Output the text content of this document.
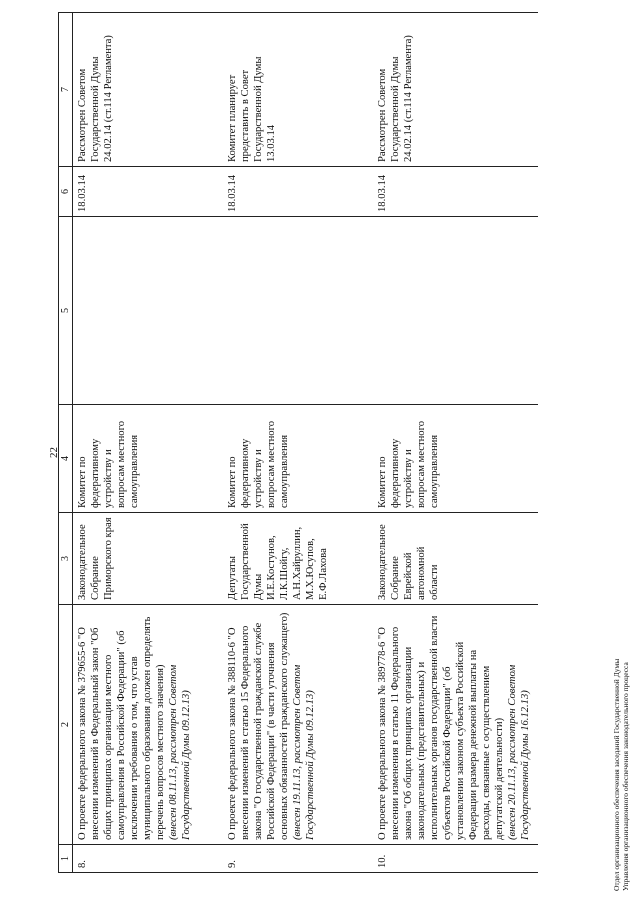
22
1	2	3	4	5	6	7
8.	О проекте федерального закона № 379655-6 "О внесении изменений в Федеральный закон "Об общих принципах организации местного самоуправления в Российской Федерации" (об исключении требования о том, что устав муниципального образования должен определять перечень вопросов местного значения) (внесен 08.11.13, рассмотрен Советом Государственной Думы 09.12.13)	Законодательное Собрание Приморского края	Комитет по федеративному устройству и вопросам местного самоуправления		18.03.14	Рассмотрен Советом Государственной Думы 24.02.14 (ст.114 Регламента)
9.	О проекте федерального закона № 388110-6 "О внесении изменений в статью 15 Федерального закона "О государственной гражданской службе Российской Федерации" (в части уточнения основных обязанностей гражданского служащего) (внесен 19.11.13, рассмотрен Советом Государственной Думы 09.12.13)	Депутаты Государственной Думы И.Е.Костунов, Л.К.Шойгу, А.Н.Хайруллин, М.Х.Юсупов, Е.Ф.Лахова	Комитет по федеративному устройству и вопросам местного самоуправления		18.03.14	Комитет планирует представить в Совет Государственной Думы 13.03.14
10.	О проекте федерального закона № 389778-6 "О внесении изменения в статью 11 Федерального закона "Об общих принципах организации законодательных (представительных) и исполнительных органов государственной власти субъектов Российской Федерации" (об установлении законом субъекта Российской Федерации размера денежной выплаты на расходы, связанные с осуществлением депутатской деятельности) (внесен 20.11.13, рассмотрен Советом Государственной Думы 16.12.13)	Законодательное Собрание Еврейской автономной области	Комитет по федеративному устройству и вопросам местного самоуправления		18.03.14	Рассмотрен Советом Государственной Думы 24.02.14 (ст.114 Регламента)
Отдел организационного обеспечения заседаний Государственной Думы Управления организационного обеспечения законодательного процесса
